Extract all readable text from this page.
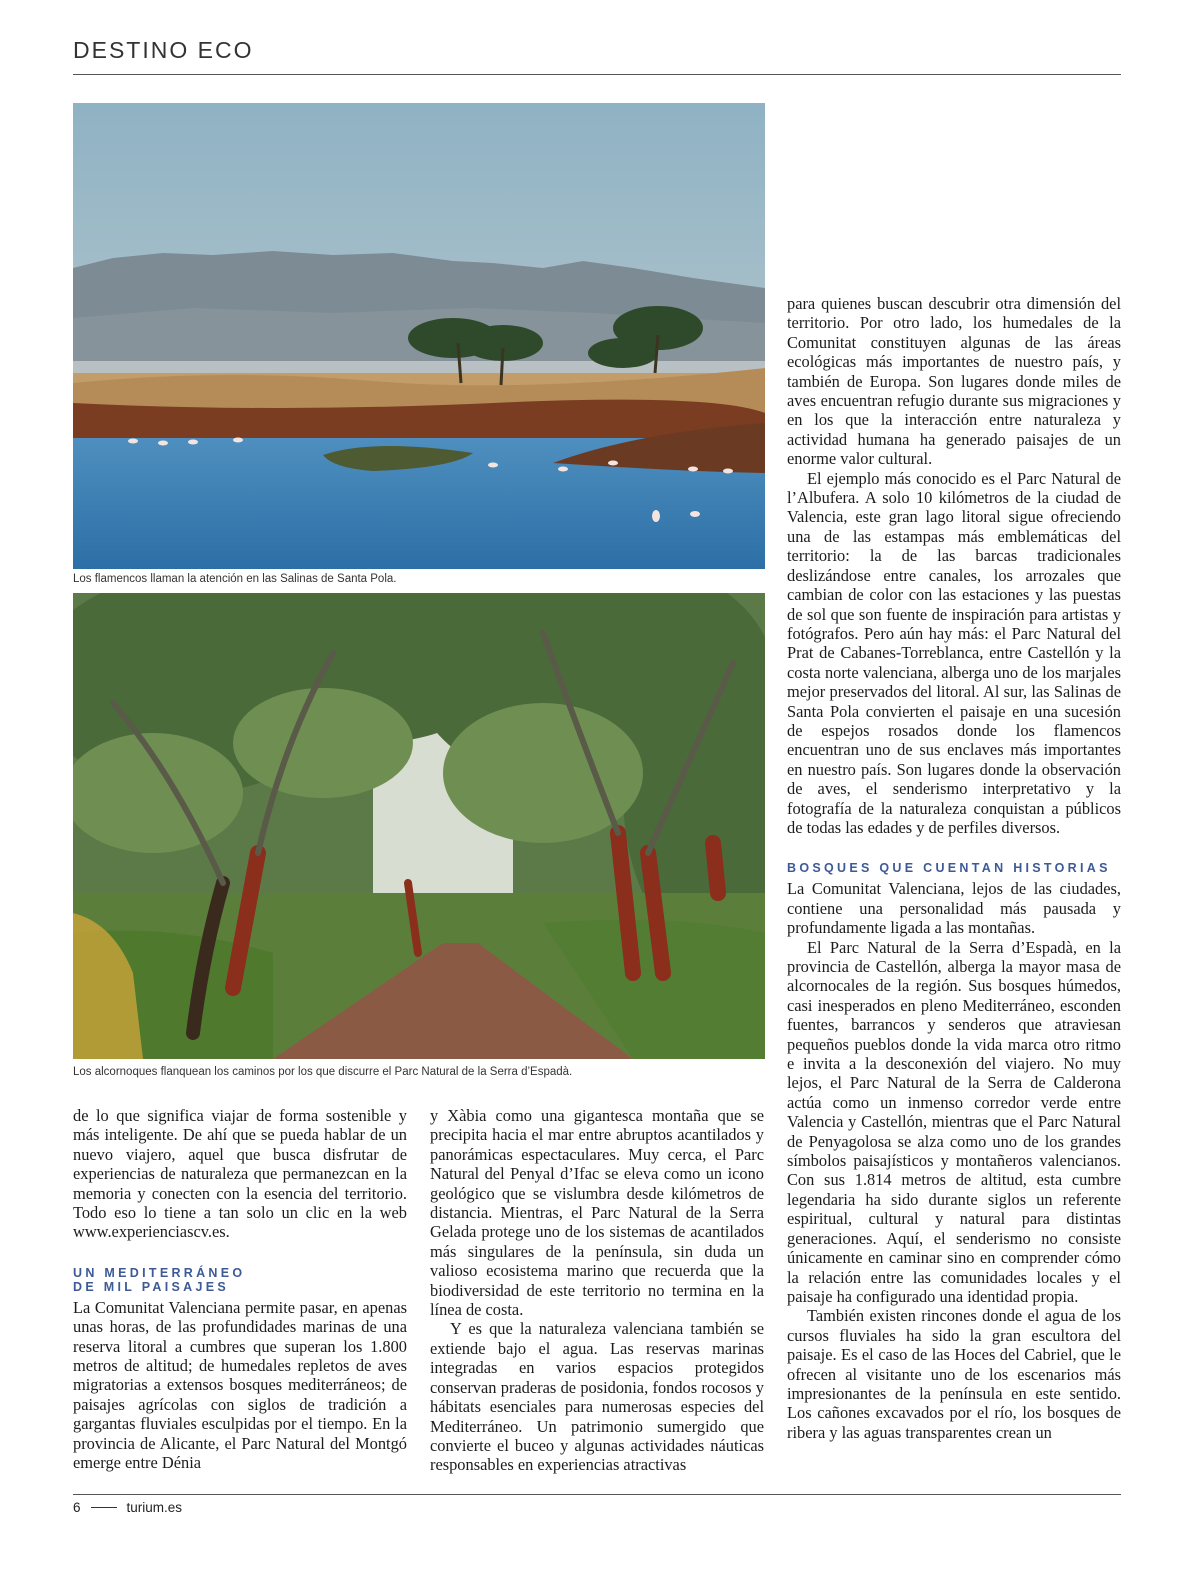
DESTINO ECO

Los flamencos llaman la atención en las Salinas de Santa Pola.

Los alcornoques flanquean los caminos por los que discurre el Parc Natural de la Serra d’Espadà.

de lo que significa viajar de forma sostenible y más inteligente. De ahí que se pueda hablar de un nuevo viajero, aquel que busca disfrutar de experiencias de naturaleza que permanezcan en la memoria y conecten con la esencia del territorio. Todo eso lo tiene a tan solo un clic en la web www.experienciascv.es.

UN MEDITERRÁNEO
DE MIL PAISAJES

La Comunitat Valenciana permite pasar, en apenas unas horas, de las profundidades marinas de una reserva litoral a cumbres que superan los 1.800 metros de altitud; de humedales repletos de aves migratorias a extensos bosques mediterráneos; de paisajes agrícolas con siglos de tradición a gargantas fluviales esculpidas por el tiempo. En la provincia de Alicante, el Parc Natural del Montgó emerge entre Dénia

y Xàbia como una gigantesca montaña que se precipita hacia el mar entre abruptos acantilados y panorámicas espectaculares. Muy cerca, el Parc Natural del Penyal d’Ifac se eleva como un icono geológico que se vislumbra desde kilómetros de distancia. Mientras, el Parc Natural de la Serra Gelada protege uno de los sistemas de acantilados más singulares de la península, sin duda un valioso ecosistema marino que recuerda que la biodiversidad de este territorio no termina en la línea de costa.

Y es que la naturaleza valenciana también se extiende bajo el agua. Las reservas marinas integradas en varios espacios protegidos conservan praderas de posidonia, fondos rocosos y hábitats esenciales para numerosas especies del Mediterráneo. Un patrimonio sumergido que convierte el buceo y algunas actividades náuticas responsables en experiencias atractivas

para quienes buscan descubrir otra dimensión del territorio. Por otro lado, los humedales de la Comunitat constituyen algunas de las áreas ecológicas más importantes de nuestro país, y también de Europa. Son lugares donde miles de aves encuentran refugio durante sus migraciones y en los que la interacción entre naturaleza y actividad humana ha generado paisajes de un enorme valor cultural.

El ejemplo más conocido es el Parc Natural de l’Albufera. A solo 10 kilómetros de la ciudad de Valencia, este gran lago litoral sigue ofreciendo una de las estampas más emblemáticas del territorio: la de las barcas tradicionales deslizándose entre canales, los arrozales que cambian de color con las estaciones y las puestas de sol que son fuente de inspiración para artistas y fotógrafos. Pero aún hay más: el Parc Natural del Prat de Cabanes-Torreblanca, entre Castellón y la costa norte valenciana, alberga uno de los marjales mejor preservados del litoral. Al sur, las Salinas de Santa Pola convierten el paisaje en una sucesión de espejos rosados donde los flamencos encuentran uno de sus enclaves más importantes en nuestro país. Son lugares donde la observación de aves, el senderismo interpretativo y la fotografía de la naturaleza conquistan a públicos de todas las edades y de perfiles diversos.

BOSQUES QUE CUENTAN HISTORIAS

La Comunitat Valenciana, lejos de las ciudades, contiene una personalidad más pausada y profundamente ligada a las montañas.

El Parc Natural de la Serra d’Espadà, en la provincia de Castellón, alberga la mayor masa de alcornocales de la región. Sus bosques húmedos, casi inesperados en pleno Mediterráneo, esconden fuentes, barrancos y senderos que atraviesan pequeños pueblos donde la vida marca otro ritmo e invita a la desconexión del viajero. No muy lejos, el Parc Natural de la Serra de Calderona actúa como un inmenso corredor verde entre Valencia y Castellón, mientras que el Parc Natural de Penyagolosa se alza como uno de los grandes símbolos paisajísticos y montañeros valencianos. Con sus 1.814 metros de altitud, esta cumbre legendaria ha sido durante siglos un referente espiritual, cultural y natural para distintas generaciones. Aquí, el senderismo no consiste únicamente en caminar sino en comprender cómo la relación entre las comunidades locales y el paisaje ha configurado una identidad propia.

También existen rincones donde el agua de los cursos fluviales ha sido la gran escultora del paisaje. Es el caso de las Hoces del Cabriel, que le ofrecen al visitante uno de los escenarios más impresionantes de la península en este sentido. Los cañones excavados por el río, los bosques de ribera y las aguas transparentes crean un

6	turium.es
